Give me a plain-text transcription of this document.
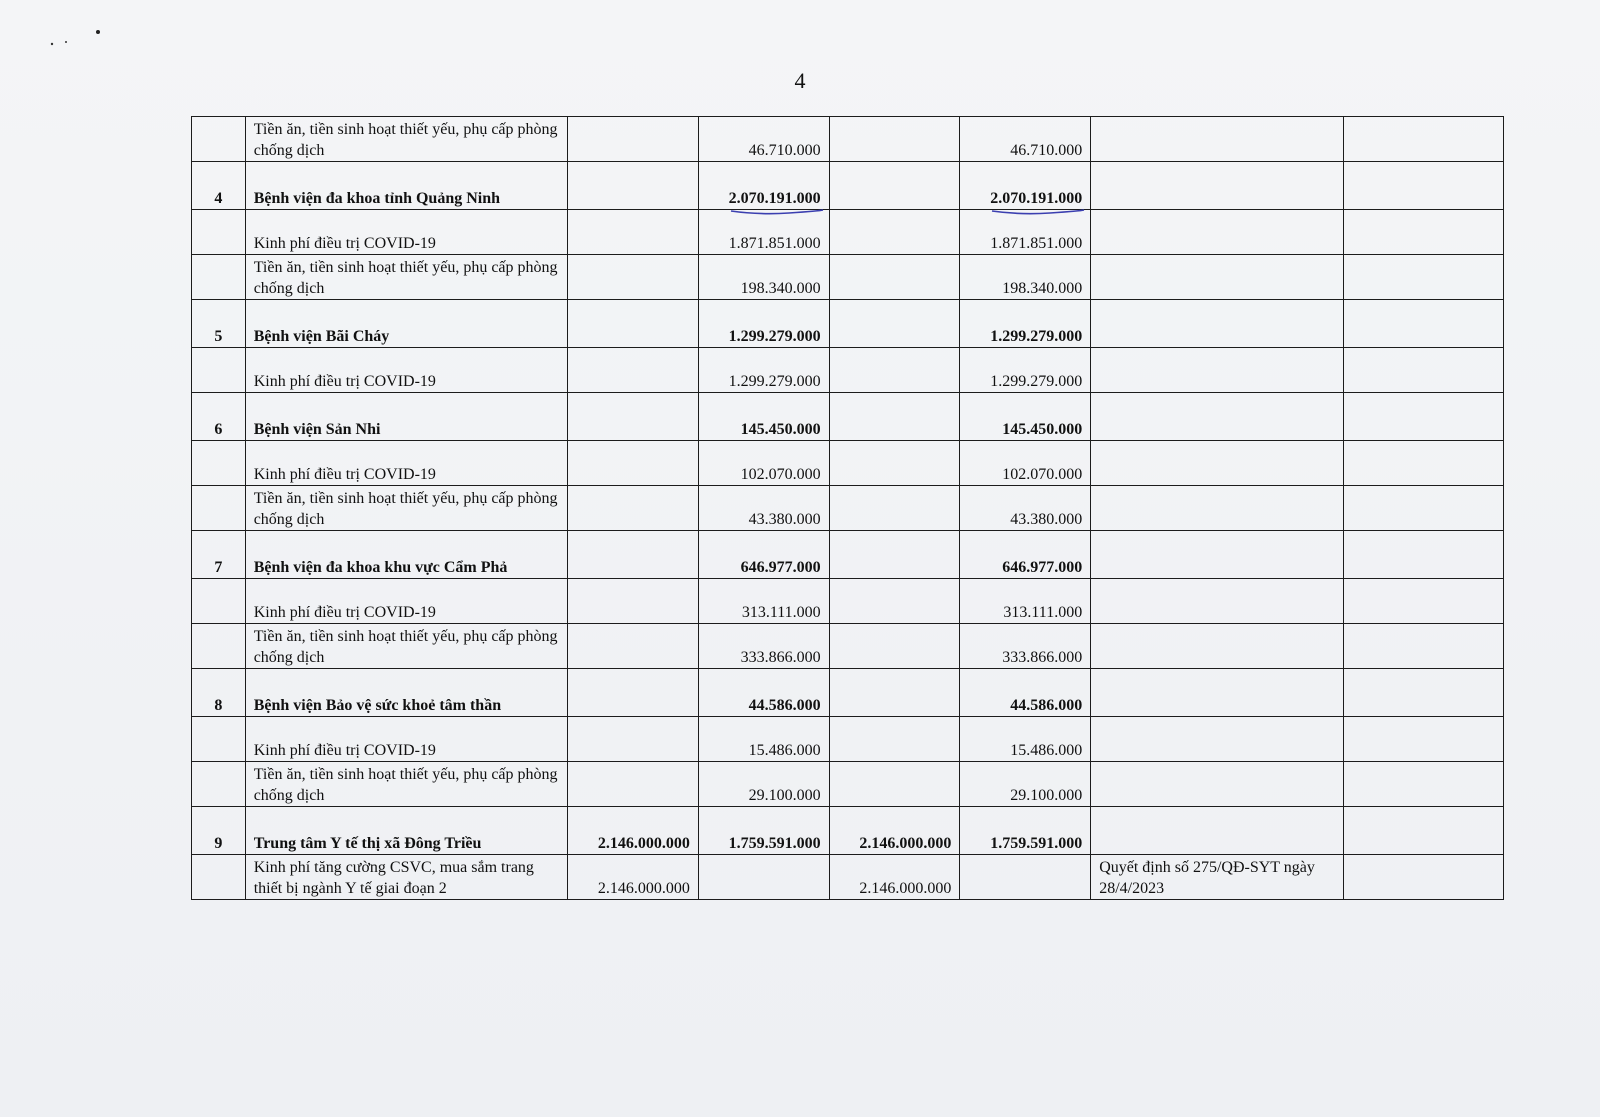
4
	Tiền ăn, tiền sinh hoạt thiết yếu, phụ cấp phòng chống dịch		46.710.000		46.710.000		
4	Bệnh viện đa khoa tỉnh Quảng Ninh		2.070.191.000		2.070.191.000

	Kinh phí điều trị COVID-19		1.871.851.000		1.871.851.000		
	Tiền ăn, tiền sinh hoạt thiết yếu, phụ cấp phòng chống dịch		198.340.000		198.340.000		
5	Bệnh viện Bãi Cháy		1.299.279.000		1.299.279.000		
	Kinh phí điều trị COVID-19		1.299.279.000		1.299.279.000		
6	Bệnh viện Sản Nhi		145.450.000		145.450.000		
	Kinh phí điều trị COVID-19		102.070.000		102.070.000		
	Tiền ăn, tiền sinh hoạt thiết yếu, phụ cấp phòng chống dịch		43.380.000		43.380.000		
7	Bệnh viện đa khoa khu vực Cẩm Phả		646.977.000		646.977.000		
	Kinh phí điều trị COVID-19		313.111.000		313.111.000		
	Tiền ăn, tiền sinh hoạt thiết yếu, phụ cấp phòng chống dịch		333.866.000		333.866.000		
8	Bệnh viện Bảo vệ sức khoẻ tâm thần		44.586.000		44.586.000		
	Kinh phí điều trị COVID-19		15.486.000		15.486.000		
	Tiền ăn, tiền sinh hoạt thiết yếu, phụ cấp phòng chống dịch		29.100.000		29.100.000		
9	Trung tâm Y tế thị xã Đông Triều	2.146.000.000	1.759.591.000	2.146.000.000	1.759.591.000		
	Kinh phí tăng cường CSVC, mua sắm trang thiết bị ngành Y tế giai đoạn 2	2.146.000.000		2.146.000.000		Quyết định số 275/QĐ-SYT ngày 28/4/2023	
